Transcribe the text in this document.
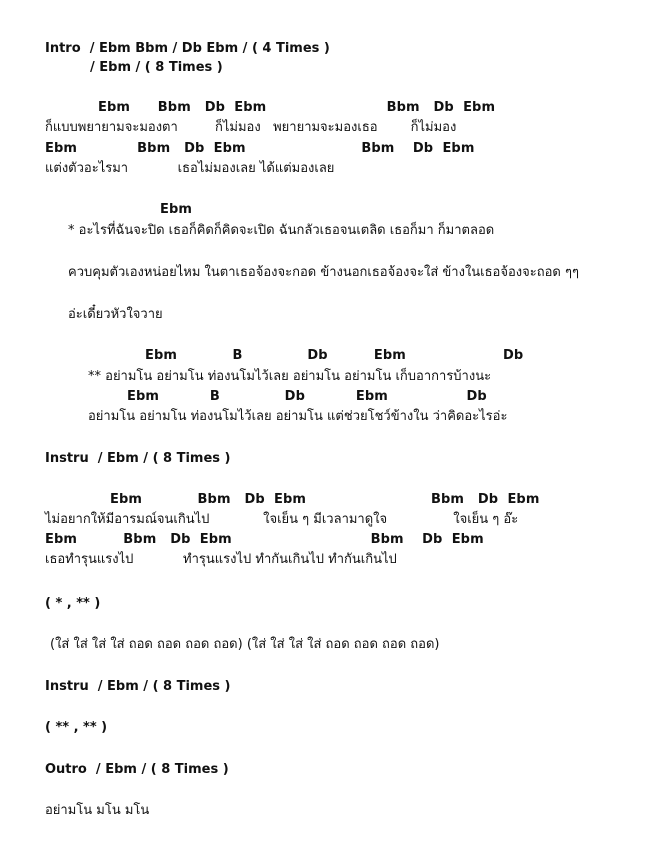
Intro  / Ebm Bbm / Db Ebm / ( 4 Times )

/ Ebm / ( 8 Times )

Ebm      Bbm   Db  Ebm                          Bbm   Db  Ebm

ก็แบบพยายามจะมองตา         ก็ไม่มอง   พยายามจะมองเธอ        ก็ไม่มอง

Ebm             Bbm   Db  Ebm                         Bbm    Db  Ebm

แต่งตัวอะไรมา            เธอไม่มองเลย ได้แต่มองเลย

Ebm

* อะไรที่ฉันจะปิด เธอก็คิดก็คิดจะเปิด ฉันกลัวเธอจนเตลิด เธอก็มา ก็มาตลอด

ควบคุมตัวเองหน่อยไหม ในตาเธอจ้องจะกอด ข้างนอกเธอจ้องจะใส่ ข้างในเธอจ้องจะถอด ๆๆ

อ่ะเดี๋ยวหัวใจวาย

Ebm            B              Db          Ebm                     Db

** อย่ามโน อย่ามโน ท่องนโมไว้เลย อย่ามโน อย่ามโน เก็บอาการบ้างนะ

Ebm           B              Db           Ebm                 Db

อย่ามโน อย่ามโน ท่องนโมไว้เลย อย่ามโน แต่ช่วยโชว์ข้างใน ว่าคิดอะไรอ่ะ

Instru  / Ebm / ( 8 Times )

Ebm            Bbm   Db  Ebm                           Bbm   Db  Ebm

ไม่อยากให้มีอารมณ์จนเกินไป             ใจเย็น ๆ มีเวลามาดูใจ                ใจเย็น ๆ อ๊ะ

Ebm          Bbm   Db  Ebm                              Bbm    Db  Ebm

เธอทำรุนแรงไป            ทำรุนแรงไป ทำกันเกินไป ทำกันเกินไป

( * , ** )

(ใส่ ใส่ ใส่ ใส่ ถอด ถอด ถอด ถอด) (ใส่ ใส่ ใส่ ใส่ ถอด ถอด ถอด ถอด)

Instru  / Ebm / ( 8 Times )

( ** , ** )

Outro  / Ebm / ( 8 Times )

อย่ามโน มโน มโน
